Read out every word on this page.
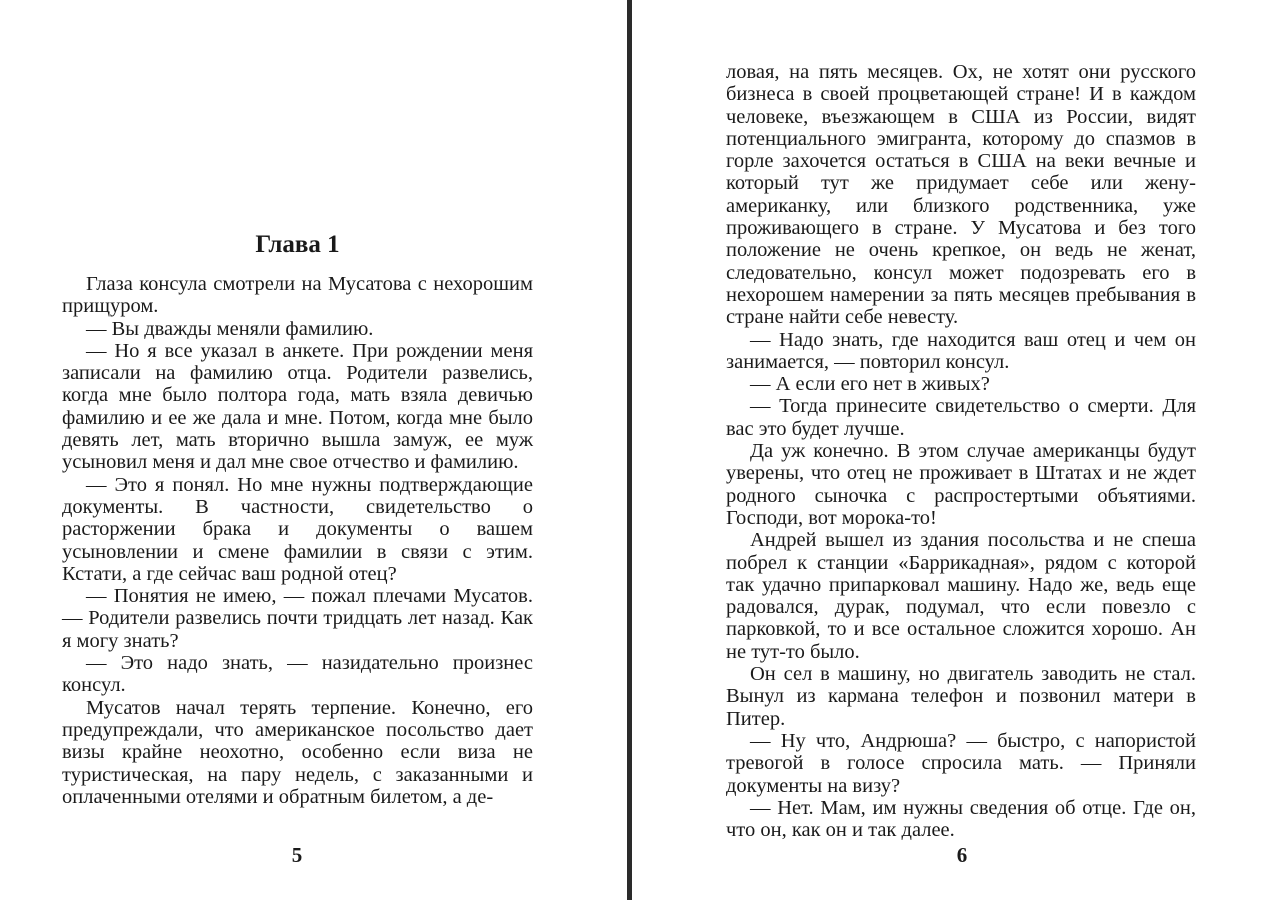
Глава 1

Глаза консула смотрели на Мусатова с нехорошим прищуром.

— Вы дважды меняли фамилию.

— Но я все указал в анкете. При рождении меня записали на фамилию отца. Родители развелись, когда мне было полтора года, мать взяла девичью фамилию и ее же дала и мне. Потом, когда мне было девять лет, мать вторично вышла замуж, ее муж усыновил меня и дал мне свое отчество и фамилию.

— Это я понял. Но мне нужны подтверждающие документы. В частности, свидетельство о расторжении брака и документы о вашем усыновлении и смене фамилии в связи с этим. Кстати, а где сейчас ваш родной отец?

— Понятия не имею, — пожал плечами Мусатов. — Родители развелись почти тридцать лет назад. Как я могу знать?

— Это надо знать, — назидательно произнес консул.

Мусатов начал терять терпение. Конечно, его предупреждали, что американское посольство дает визы крайне неохотно, особенно если виза не туристическая, на пару недель, с заказанными и оплаченными отелями и обратным билетом, а де-

5

ловая, на пять месяцев. Ох, не хотят они русского бизнеса в своей процветающей стране! И в каждом человеке, въезжающем в США из России, видят потенциального эмигранта, которому до спазмов в горле захочется остаться в США на веки вечные и который тут же придумает себе или жену-американку, или близкого родственника, уже проживающего в стране. У Мусатова и без того положение не очень крепкое, он ведь не женат, следовательно, консул может подозревать его в нехорошем намерении за пять месяцев пребывания в стране найти себе невесту.

— Надо знать, где находится ваш отец и чем он занимается, — повторил консул.

— А если его нет в живых?

— Тогда принесите свидетельство о смерти. Для вас это будет лучше.

Да уж конечно. В этом случае американцы будут уверены, что отец не проживает в Штатах и не ждет родного сыночка с распростертыми объятиями. Господи, вот морока-то!

Андрей вышел из здания посольства и не спеша побрел к станции «Баррикадная», рядом с которой так удачно припарковал машину. Надо же, ведь еще радовался, дурак, подумал, что если повезло с парковкой, то и все остальное сложится хорошо. Ан не тут-то было.

Он сел в машину, но двигатель заводить не стал. Вынул из кармана телефон и позвонил матери в Питер.

— Ну что, Андрюша? — быстро, с напористой тревогой в голосе спросила мать. — Приняли документы на визу?

— Нет. Мам, им нужны сведения об отце. Где он, что он, как он и так далее.

6
